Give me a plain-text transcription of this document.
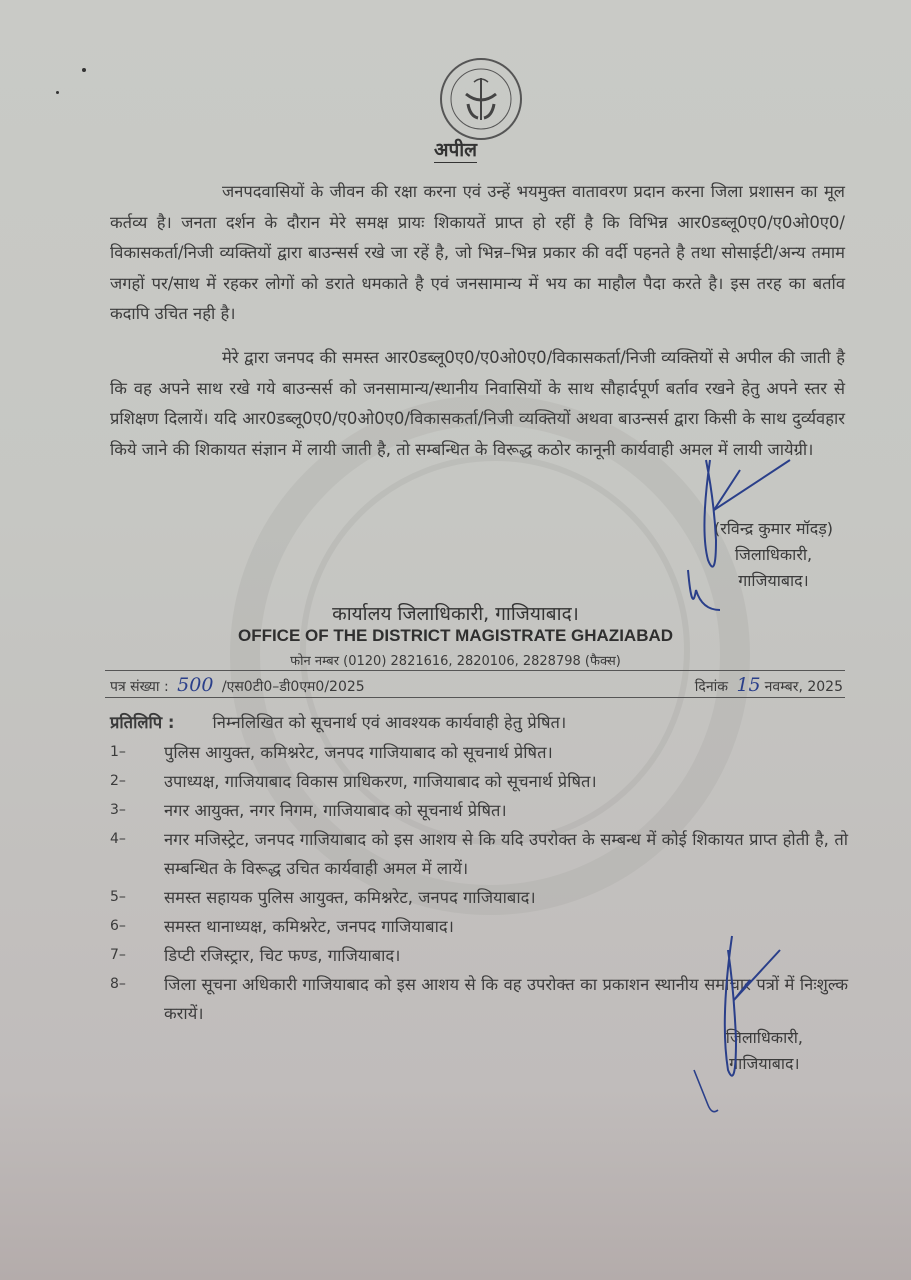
अपील
जनपदवासियों के जीवन की रक्षा करना एवं उन्हें भयमुक्त वातावरण प्रदान करना जिला प्रशासन का मूल कर्तव्य है। जनता दर्शन के दौरान मेरे समक्ष प्रायः शिकायतें प्राप्त हो रहीं है कि विभिन्न आर0डब्लू0ए0/ए0ओ0ए0/विकासकर्ता/निजी व्यक्तियों द्वारा बाउन्सर्स रखे जा रहें है, जो भिन्न–भिन्न प्रकार की वर्दी पहनते है तथा सोसाईटी/अन्य तमाम जगहों पर/साथ में रहकर लोगों को डराते धमकाते है एवं जनसामान्य में भय का माहौल पैदा करते है। इस तरह का बर्ताव कदापि उचित नही है।
मेरे द्वारा जनपद की समस्त आर0डब्लू0ए0/ए0ओ0ए0/विकासकर्ता/निजी व्यक्तियों से अपील की जाती है कि वह अपने साथ रखे गये बाउन्सर्स को जनसामान्य/स्थानीय निवासियों के साथ सौहार्दपूर्ण बर्ताव रखने हेतु अपने स्तर से प्रशिक्षण दिलायें। यदि आर0डब्लू0ए0/ए0ओ0ए0/विकासकर्ता/निजी व्यक्तियों अथवा बाउन्सर्स द्वारा किसी के साथ दुर्व्यवहार किये जाने की शिकायत संज्ञान में लायी जाती है, तो सम्बन्धित के विरूद्ध कठोर कानूनी कार्यवाही अमल में लायी जायेग्री।
(रविन्द्र कुमार मॉदड़)
जिलाधिकारी,
गाजियाबाद।
कार्यालय जिलाधिकारी, गाजियाबाद।
OFFICE OF THE DISTRICT MAGISTRATE GHAZIABAD
फोन नम्बर (0120) 2821616, 2820106, 2828798 (फैक्स)
पत्र संख्या : 500 /एस0टी0–डी0एम0/2025	दिनांक 15 नवम्बर, 2025
प्रतिलिपि : निम्नलिखित को सूचनार्थ एवं आवश्यक कार्यवाही हेतु प्रेषित।
1–	पुलिस आयुक्त, कमिश्नरेट, जनपद गाजियाबाद को सूचनार्थ प्रेषित।
2–	उपाध्यक्ष, गाजियाबाद विकास प्राधिकरण, गाजियाबाद को सूचनार्थ प्रेषित।
3–	नगर आयुक्त, नगर निगम, गाजियाबाद को सूचनार्थ प्रेषित।
4–	नगर मजिस्ट्रेट, जनपद गाजियाबाद को इस आशय से कि यदि उपरोक्त के सम्बन्ध में कोई शिकायत प्राप्त होती है, तो सम्बन्धित के विरूद्ध उचित कार्यवाही अमल में लायें।
5–	समस्त सहायक पुलिस आयुक्त, कमिश्नरेट, जनपद गाजियाबाद।
6–	समस्त थानाध्यक्ष, कमिश्नरेट, जनपद गाजियाबाद।
7–	डिप्टी रजिस्ट्रार, चिट फण्ड, गाजियाबाद।
8–	जिला सूचना अधिकारी गाजियाबाद को इस आशय से कि वह उपरोक्त का प्रकाशन स्थानीय समाचार पत्रों में निःशुल्क करायें।
जिलाधिकारी,
गाजियाबाद।
